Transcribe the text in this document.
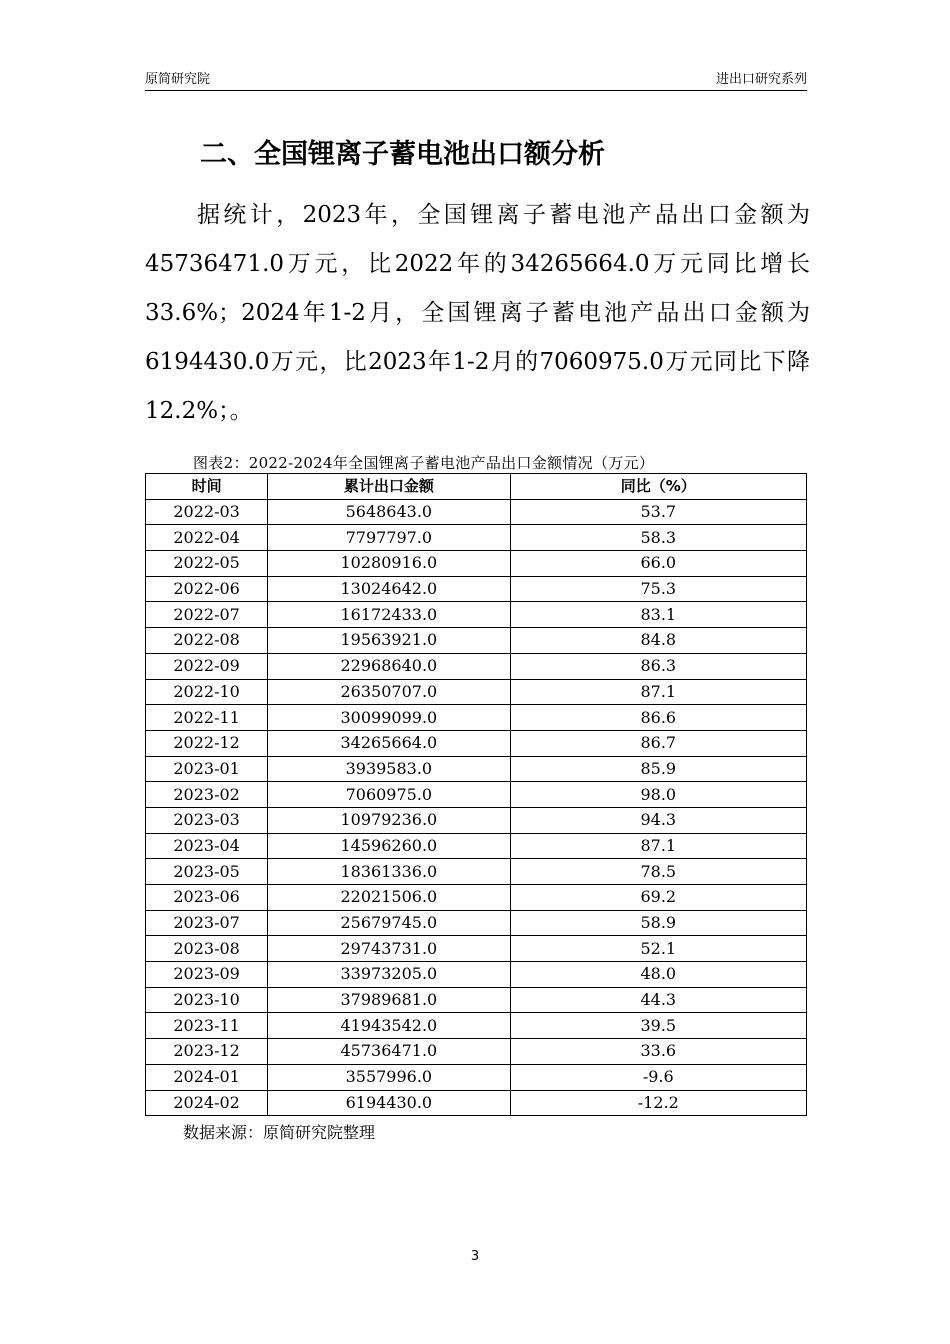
原简研究院	进出口研究系列
二、全国锂离子蓄电池出口额分析

据统计，2023年，全国锂离子蓄电池产品出口金额为45736471.0万元，比2022年的34265664.0万元同比增长33.6%；2024年1-2月，全国锂离子蓄电池产品出口金额为6194430.0万元，比2023年1-2月的7060975.0万元同比下降12.2%；。

图表2：2022-2024年全国锂离子蓄电池产品出口金额情况（万元）
时间	累计出口金额	同比（%）
2022-03	5648643.0	53.7
2022-04	7797797.0	58.3
2022-05	10280916.0	66.0
2022-06	13024642.0	75.3
2022-07	16172433.0	83.1
2022-08	19563921.0	84.8
2022-09	22968640.0	86.3
2022-10	26350707.0	87.1
2022-11	30099099.0	86.6
2022-12	34265664.0	86.7
2023-01	3939583.0	85.9
2023-02	7060975.0	98.0
2023-03	10979236.0	94.3
2023-04	14596260.0	87.1
2023-05	18361336.0	78.5
2023-06	22021506.0	69.2
2023-07	25679745.0	58.9
2023-08	29743731.0	52.1
2023-09	33973205.0	48.0
2023-10	37989681.0	44.3
2023-11	41943542.0	39.5
2023-12	45736471.0	33.6
2024-01	3557996.0	-9.6
2024-02	6194430.0	-12.2
数据来源：原简研究院整理
3
